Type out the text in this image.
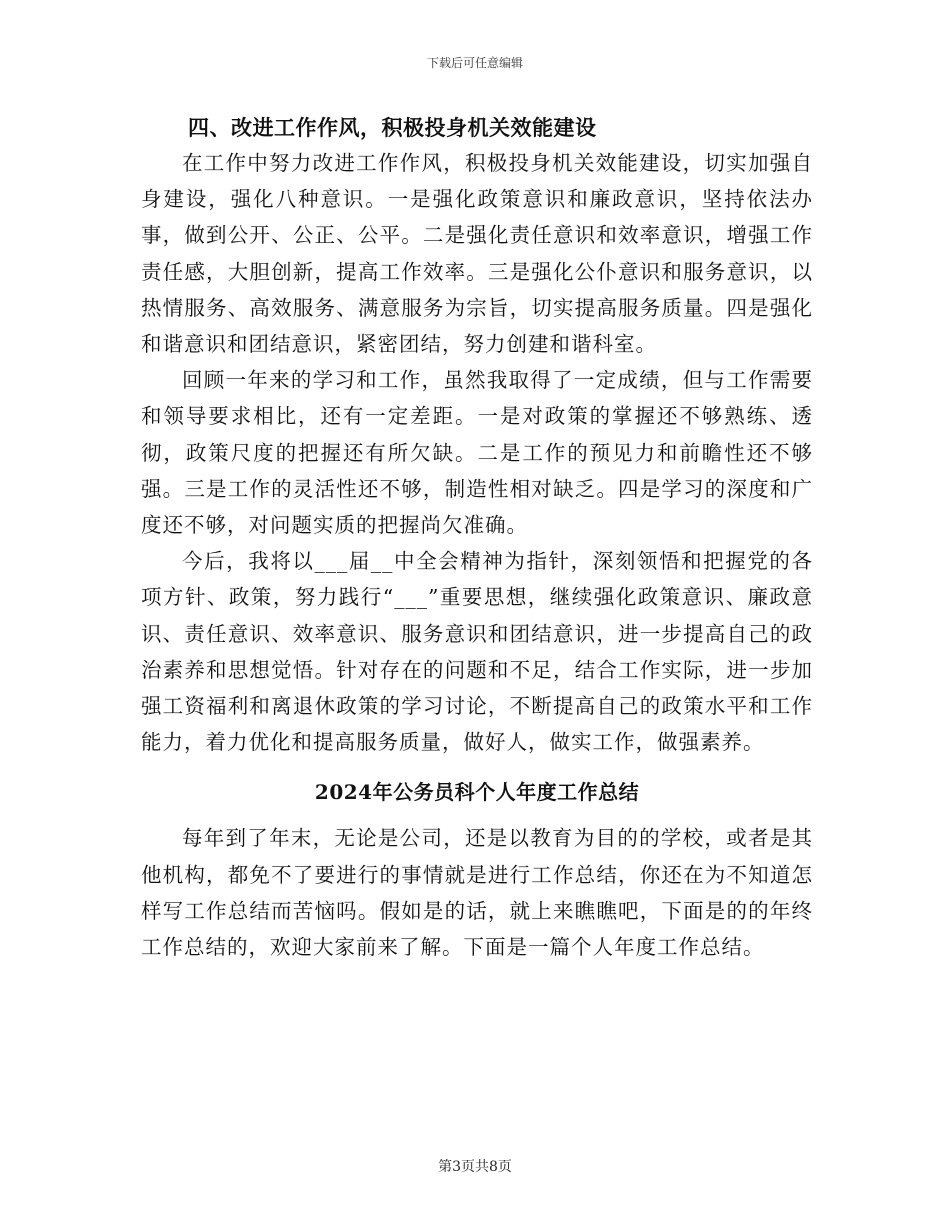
下载后可任意编辑
四、改进工作作风，积极投身机关效能建设

在工作中努力改进工作作风，积极投身机关效能建设，切实加强自身建设，强化八种意识。一是强化政策意识和廉政意识，坚持依法办事，做到公开、公正、公平。二是强化责任意识和效率意识，增强工作责任感，大胆创新，提高工作效率。三是强化公仆意识和服务意识，以热情服务、高效服务、满意服务为宗旨，切实提高服务质量。四是强化和谐意识和团结意识，紧密团结，努力创建和谐科室。

回顾一年来的学习和工作，虽然我取得了一定成绩，但与工作需要和领导要求相比，还有一定差距。一是对政策的掌握还不够熟练、透彻，政策尺度的把握还有所欠缺。二是工作的预见力和前瞻性还不够强。三是工作的灵活性还不够，制造性相对缺乏。四是学习的深度和广度还不够，对问题实质的把握尚欠准确。

今后，我将以___届__中全会精神为指针，深刻领悟和把握党的各项方针、政策，努力践行“___”重要思想，继续强化政策意识、廉政意识、责任意识、效率意识、服务意识和团结意识，进一步提高自己的政治素养和思想觉悟。针对存在的问题和不足，结合工作实际，进一步加强工资福利和离退休政策的学习讨论，不断提高自己的政策水平和工作能力，着力优化和提高服务质量，做好人，做实工作，做强素养。

2024年公务员科个人年度工作总结

每年到了年末，无论是公司，还是以教育为目的的学校，或者是其他机构，都免不了要进行的事情就是进行工作总结，你还在为不知道怎样写工作总结而苦恼吗。假如是的话，就上来瞧瞧吧，下面是的的年终工作总结的，欢迎大家前来了解。下面是一篇个人年度工作总结。

第3页共8页
